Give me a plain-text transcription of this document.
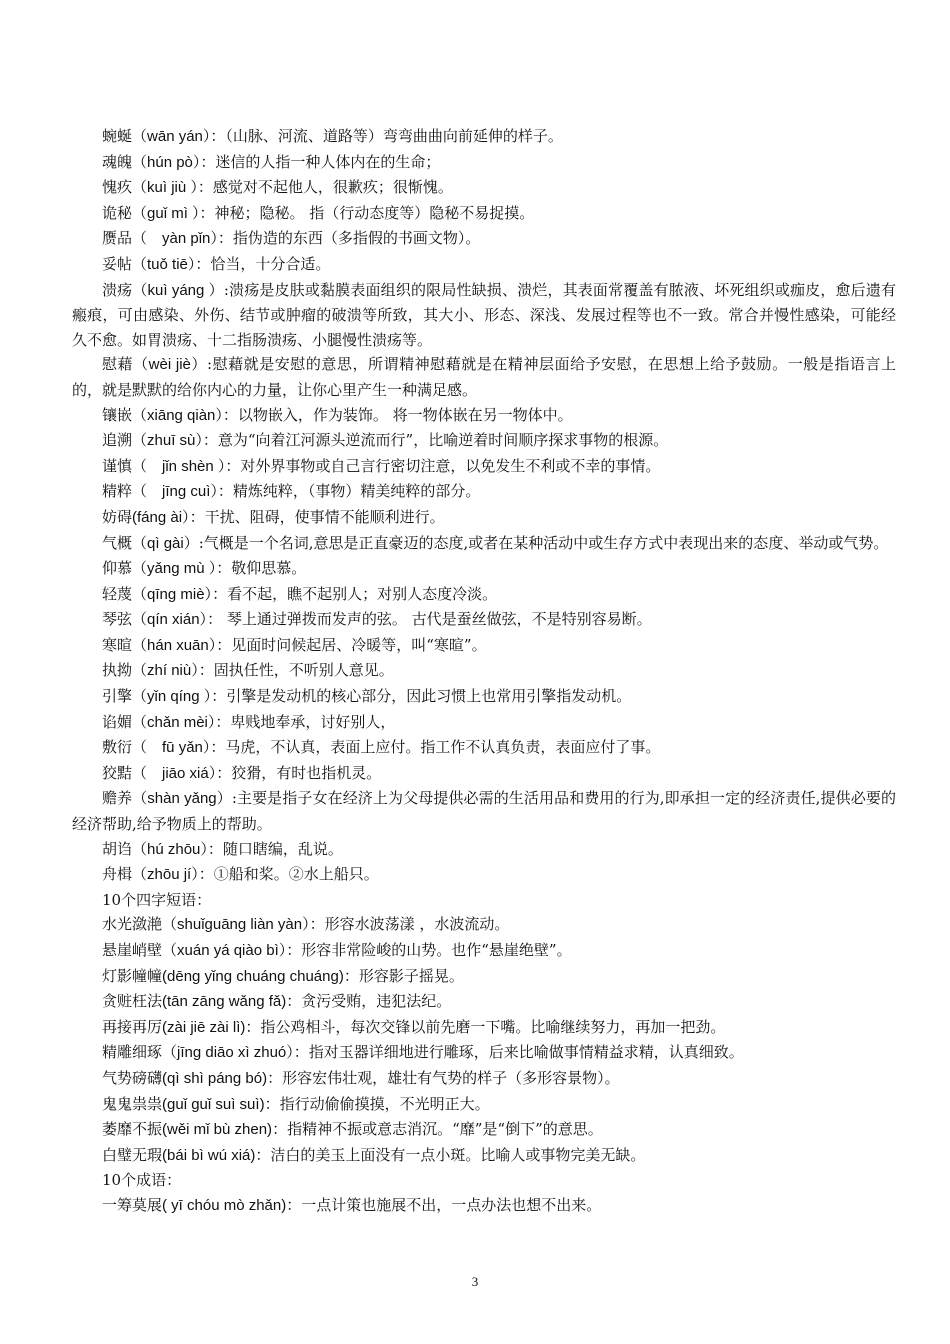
蜿蜒（wān yán）：（山脉、河流、道路等）弯弯曲曲向前延伸的样子。

魂魄（hún pò）：迷信的人指一种人体内在的生命；

愧疚（kuì jiù ）：感觉对不起他人，很歉疚；很惭愧。

诡秘（ɡuǐ mì ）：神秘；隐秘。 指（行动态度等）隐秘不易捉摸。

赝品（　yàn pǐn）：指伪造的东西（多指假的书画文物）。

妥帖（tuǒ tiē）：恰当，十分合适。

溃疡（kuì yáng ）:溃疡是皮肤或黏膜表面组织的限局性缺损、溃烂，其表面常覆盖有脓液、坏死组织或痂皮，愈后遗有瘢痕，可由感染、外伤、结节或肿瘤的破溃等所致，其大小、形态、深浅、发展过程等也不一致。常合并慢性感染，可能经久不愈。如胃溃疡、十二指肠溃疡、小腿慢性溃疡等。

慰藉（wèi jiè）:慰藉就是安慰的意思，所谓精神慰藉就是在精神层面给予安慰，在思想上给予鼓励。一般是指语言上的，就是默默的给你内心的力量，让你心里产生一种满足感。

镶嵌（xiāng qiàn）：以物嵌入，作为装饰。 将一物体嵌在另一物体中。

追溯（zhuī sù）：意为“向着江河源头逆流而行”，比喻逆着时间顺序探求事物的根源。

谨慎（　jǐn shèn ）：对外界事物或自己言行密切注意，以免发生不利或不幸的事情。

精粹（　jīng cuì）：精炼纯粹，（事物）精美纯粹的部分。

妨碍(fáng ài）：干扰、阻碍，使事情不能顺利进行。

气概（qì gài）:气概是一个名词,意思是正直豪迈的态度,或者在某种活动中或生存方式中表现出来的态度、举动或气势。

仰慕（yǎng mù ）：敬仰思慕。

轻蔑（qīng miè）：看不起，瞧不起别人；对别人态度冷淡。

琴弦（qín xián）： 琴上通过弹拨而发声的弦。 古代是蚕丝做弦，不是特别容易断。

寒暄（hán xuān）：见面时问候起居、冷暖等，叫“寒暄”。

执拗（zhí niù）：固执任性，不听别人意见。

引擎（yǐn qíng ）：引擎是发动机的核心部分，因此习惯上也常用引擎指发动机。

谄媚（chǎn mèi）：卑贱地奉承，讨好别人，

敷衍（　fū yǎn）：马虎，不认真，表面上应付。指工作不认真负责，表面应付了事。

狡黠（　jiāo xiá）：狡猾，有时也指机灵。

赡养（shàn yǎng）:主要是指子女在经济上为父母提供必需的生活用品和费用的行为,即承担一定的经济责任,提供必要的经济帮助,给予物质上的帮助。

胡诌（hú zhōu）：随口瞎编，乱说。

舟楫（zhōu jí）：①船和桨。②水上船只。

10个四字短语：

水光潋滟（shuǐguāng liàn yàn）：形容水波荡漾 ，水波流动。

悬崖峭壁（xuán yá qiào bì）：形容非常险峻的山势。也作“悬崖绝壁”。

灯影幢幢(dēng yǐng chuáng chuáng)：形容影子摇晃。

贪赃枉法(tān zāng wǎng fǎ)：贪污受贿，违犯法纪。

再接再厉(zài jiē zài lì)：指公鸡相斗，每次交锋以前先磨一下嘴。比喻继续努力，再加一把劲。

精雕细琢（jīng diāo xì zhuó）：指对玉器详细地进行雕琢，后来比喻做事情精益求精，认真细致。

气势磅礴(qì shì páng bó)：形容宏伟壮观，雄壮有气势的样子（多形容景物）。

鬼鬼祟祟(guǐ guǐ suì suì)：指行动偷偷摸摸，不光明正大。

萎靡不振(wěi mǐ bù zhen)：指精神不振或意志消沉。“靡”是“倒下”的意思。

白璧无瑕(bái bì wú xiá)：洁白的美玉上面没有一点小斑。比喻人或事物完美无缺。

10个成语：

一筹莫展( yī chóu mò zhǎn)：一点计策也施展不出，一点办法也想不出来。

3
